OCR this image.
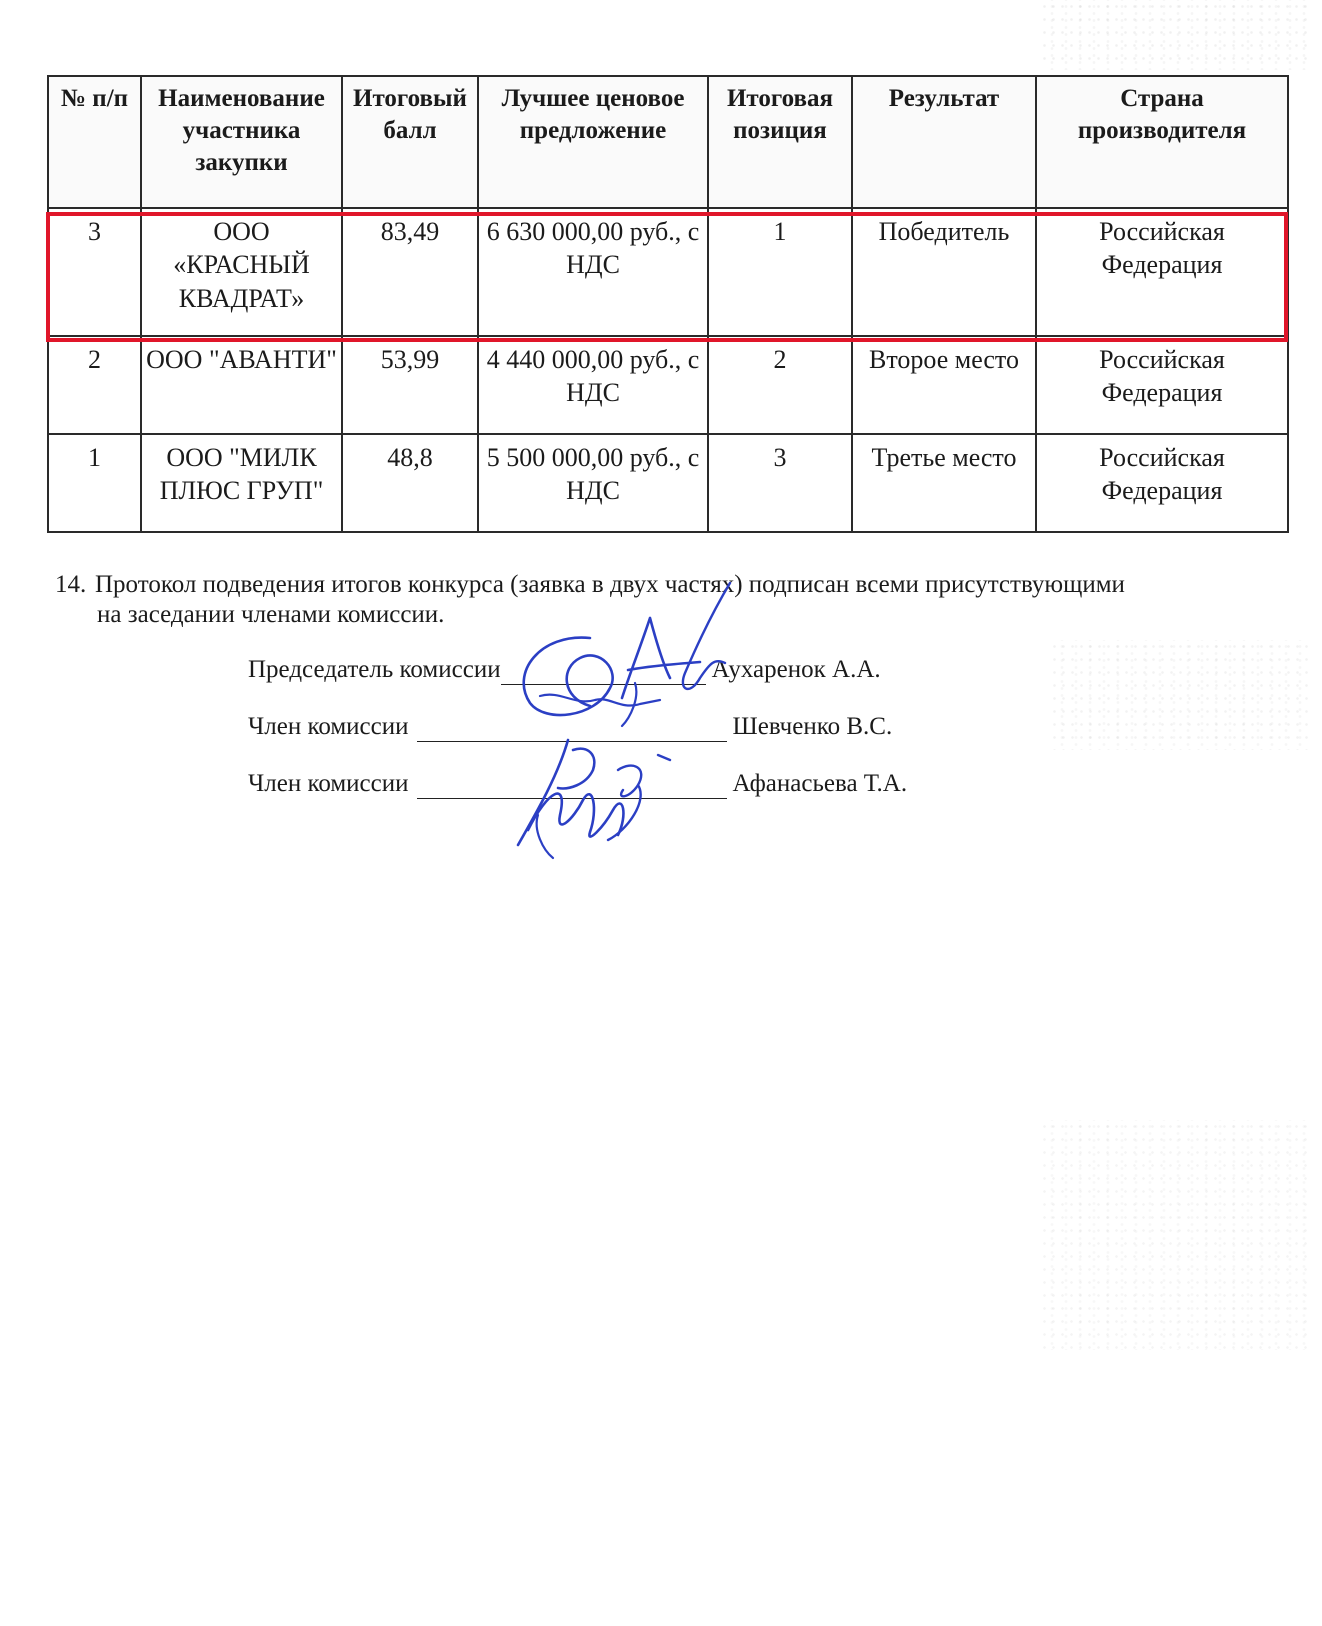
№ п/п	Наименование участника закупки	Итоговый балл	Лучшее ценовое предложение	Итоговая позиция	Результат	Страна производителя
3	ООО «КРАСНЫЙ КВАДРАТ»	83,49	6 630 000,00 руб., с НДС	1	Победитель	Российская Федерация
2	ООО "АВАНТИ"	53,99	4 440 000,00 руб., с НДС	2	Второе место	Российская Федерация
1	ООО "МИЛК ПЛЮС ГРУП"	48,8	5 500 000,00 руб., с НДС	3	Третье место	Российская Федерация
14. Протокол подведения итогов конкурса (заявка в двух частях) подписан всеми присутствующими
на заседании членами комиссии.
Председатель комиссии	Аухаренок А.А.
Член комиссии	Шевченко В.С.
Член комиссии	Афанасьева Т.А.
